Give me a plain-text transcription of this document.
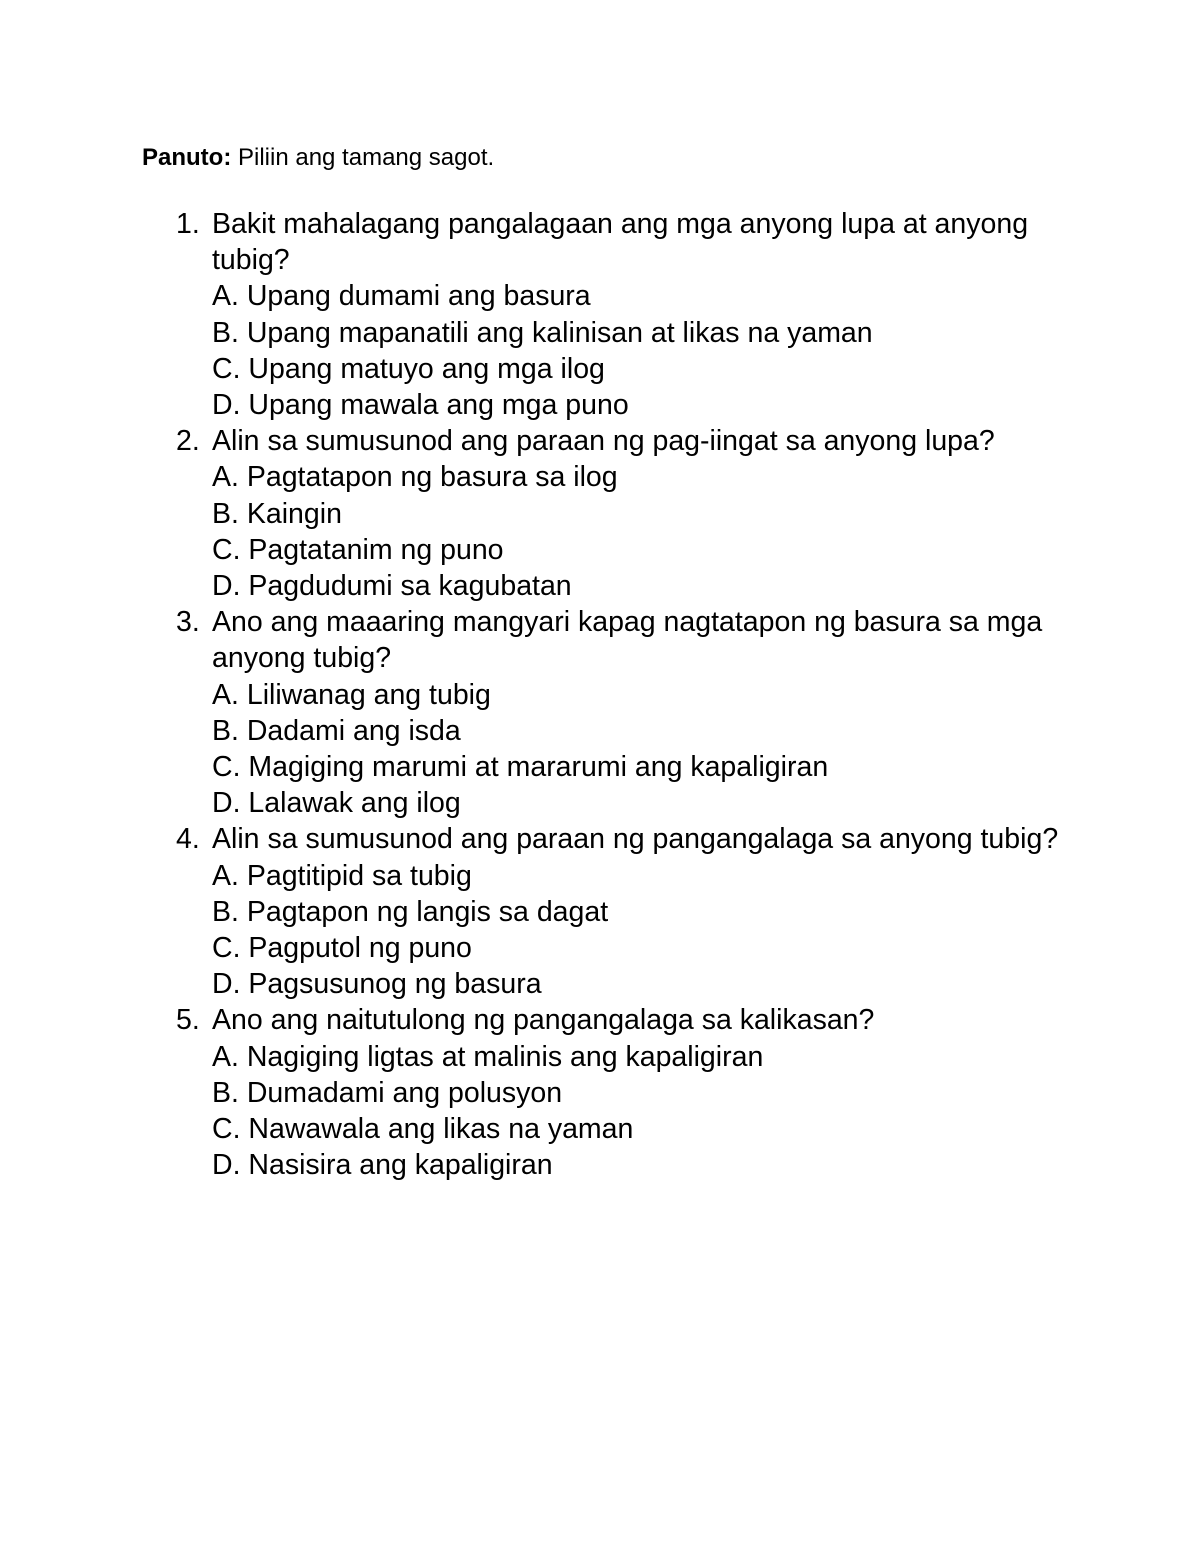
Panuto: Piliin ang tamang sagot.
1. Bakit mahalagang pangalagaan ang mga anyong lupa at anyong tubig?
A. Upang dumami ang basura
B. Upang mapanatili ang kalinisan at likas na yaman
C. Upang matuyo ang mga ilog
D. Upang mawala ang mga puno
2. Alin sa sumusunod ang paraan ng pag-iingat sa anyong lupa?
A. Pagtatapon ng basura sa ilog
B. Kaingin
C. Pagtatanim ng puno
D. Pagdudumi sa kagubatan
3. Ano ang maaaring mangyari kapag nagtatapon ng basura sa mga anyong tubig?
A. Liliwanag ang tubig
B. Dadami ang isda
C. Magiging marumi at mararumi ang kapaligiran
D. Lalawak ang ilog
4. Alin sa sumusunod ang paraan ng pangangalaga sa anyong tubig?
A. Pagtitipid sa tubig
B. Pagtapon ng langis sa dagat
C. Pagputol ng puno
D. Pagsusunog ng basura
5. Ano ang naitutulong ng pangangalaga sa kalikasan?
A. Nagiging ligtas at malinis ang kapaligiran
B. Dumadami ang polusyon
C. Nawawala ang likas na yaman
D. Nasisira ang kapaligiran
